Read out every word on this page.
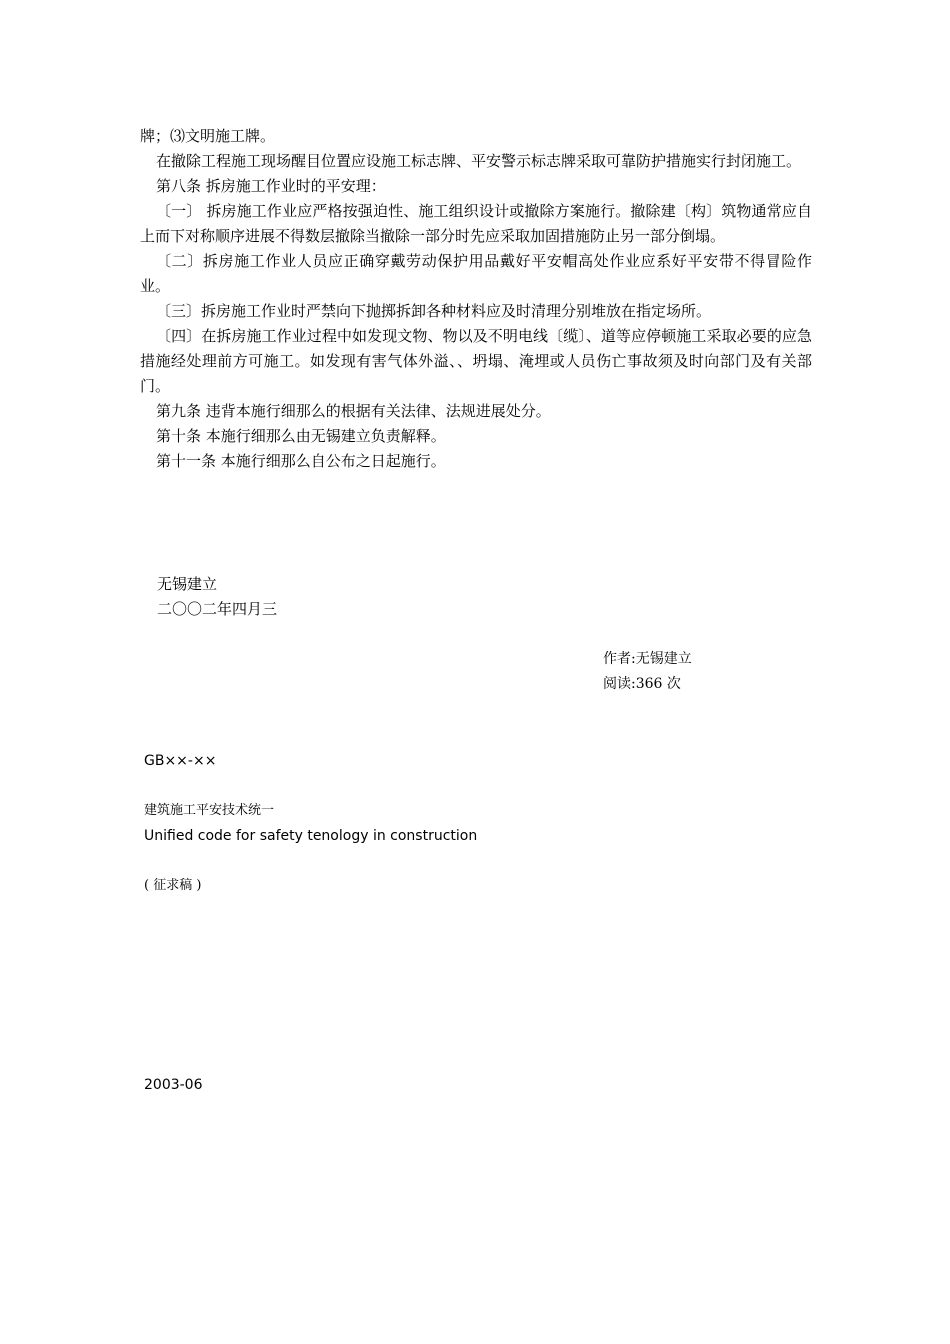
牌；⑶文明施工牌。

在撤除工程施工现场醒目位置应设施工标志牌、平安警示标志牌采取可靠防护措施实行封闭施工。

第八条 拆房施工作业时的平安理：

〔一〕 拆房施工作业应严格按强迫性、施工组织设计或撤除方案施行。撤除建〔构〕筑物通常应自上而下对称顺序进展不得数层撤除当撤除一部分时先应采取加固措施防止另一部分倒塌。

〔二〕拆房施工作业人员应正确穿戴劳动保护用品戴好平安帽高处作业应系好平安带不得冒险作业。

〔三〕拆房施工作业时严禁向下抛掷拆卸各种材料应及时清理分别堆放在指定场所。

〔四〕在拆房施工作业过程中如发现文物、物以及不明电线〔缆〕、道等应停顿施工采取必要的应急措施经处理前方可施工。如发现有害气体外溢、、坍塌、淹埋或人员伤亡事故须及时向部门及有关部门。

第九条 违背本施行细那么的根据有关法律、法规进展处分。

第十条 本施行细那么由无锡建立负责解释。

第十一条 本施行细那么自公布之日起施行。

无锡建立
二〇〇二年四月三
作者:无锡建立
阅读:366 次
GB××-××
建筑施工平安技术统一
Unified code for safety tenology in construction
( 征求稿 )
2003-06
